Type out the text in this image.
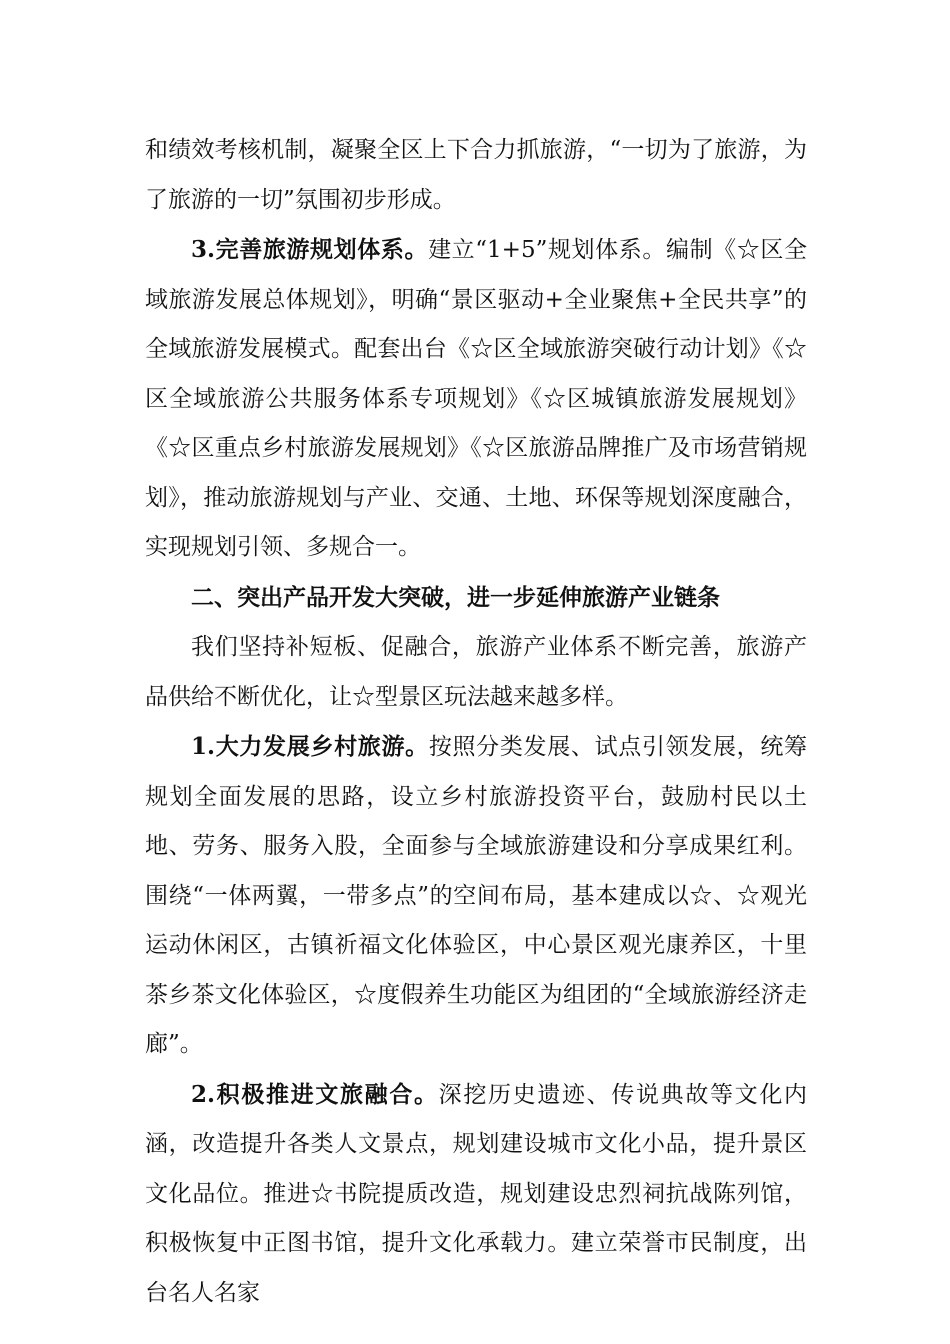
和绩效考核机制，凝聚全区上下合力抓旅游，“一切为了旅游，为了旅游的一切”氛围初步形成。

3.完善旅游规划体系。建立“1+5”规划体系。编制《☆区全域旅游发展总体规划》，明确“景区驱动+全业聚焦+全民共享”的全域旅游发展模式。配套出台《☆区全域旅游突破行动计划》《☆区全域旅游公共服务体系专项规划》《☆区城镇旅游发展规划》《☆区重点乡村旅游发展规划》《☆区旅游品牌推广及市场营销规划》，推动旅游规划与产业、交通、土地、环保等规划深度融合，实现规划引领、多规合一。

二、突出产品开发大突破，进一步延伸旅游产业链条

我们坚持补短板、促融合，旅游产业体系不断完善，旅游产品供给不断优化，让☆型景区玩法越来越多样。

1.大力发展乡村旅游。按照分类发展、试点引领发展，统筹规划全面发展的思路，设立乡村旅游投资平台，鼓励村民以土地、劳务、服务入股，全面参与全域旅游建设和分享成果红利。围绕“一体两翼，一带多点”的空间布局，基本建成以☆、☆观光运动休闲区，古镇祈福文化体验区，中心景区观光康养区，十里茶乡茶文化体验区，☆度假养生功能区为组团的“全域旅游经济走廊”。

2.积极推进文旅融合。深挖历史遗迹、传说典故等文化内涵，改造提升各类人文景点，规划建设城市文化小品，提升景区文化品位。推进☆书院提质改造，规划建设忠烈祠抗战陈列馆，积极恢复中正图书馆，提升文化承载力。建立荣誉市民制度，出台名人名家
